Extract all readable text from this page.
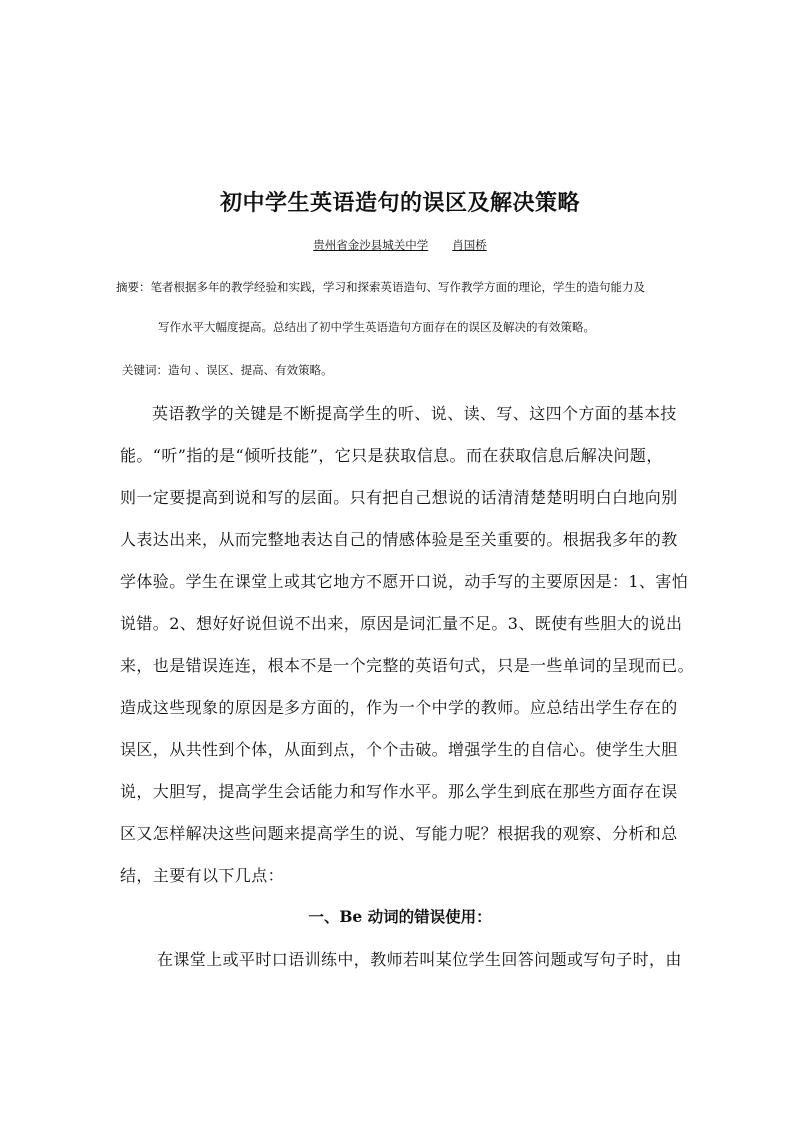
初中学生英语造句的误区及解决策略
贵州省金沙县城关中学 肖国桥
摘要：笔者根据多年的教学经验和实践，学习和探索英语造句、写作教学方面的理论，学生的造句能力及
写作水平大幅度提高。总结出了初中学生英语造句方面存在的误区及解决的有效策略。
关键词：造句 、误区、提高、有效策略。
英语教学的关键是不断提高学生的听、说、读、写、这四个方面的基本技
能。“听”指的是“倾听技能”，它只是获取信息。而在获取信息后解决问题，
则一定要提高到说和写的层面。只有把自己想说的话清清楚楚明明白白地向别
人表达出来，从而完整地表达自己的情感体验是至关重要的。根据我多年的教
学体验。学生在课堂上或其它地方不愿开口说，动手写的主要原因是：1、害怕
说错。2、想好好说但说不出来，原因是词汇量不足。3、既使有些胆大的说出
来，也是错误连连，根本不是一个完整的英语句式，只是一些单词的呈现而已。
造成这些现象的原因是多方面的，作为一个中学的教师。应总结出学生存在的
误区，从共性到个体，从面到点，个个击破。增强学生的自信心。使学生大胆
说，大胆写，提高学生会话能力和写作水平。那么学生到底在那些方面存在误
区又怎样解决这些问题来提高学生的说、写能力呢？根据我的观察、分析和总
结，主要有以下几点：
一、Be 动词的错误使用：
在课堂上或平时口语训练中，教师若叫某位学生回答问题或写句子时，由
